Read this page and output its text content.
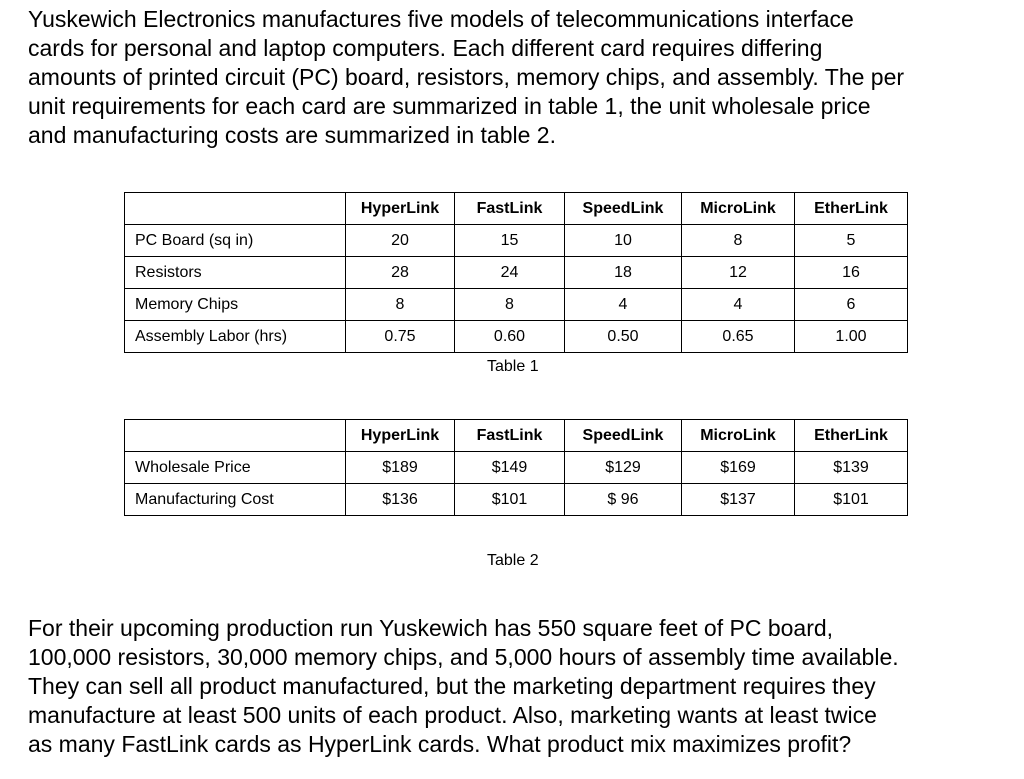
Yuskewich Electronics manufactures five models of telecommunications interface
cards for personal and laptop computers. Each different card requires differing
amounts of printed circuit (PC) board, resistors, memory chips, and assembly. The per
unit requirements for each card are summarized in table 1, the unit wholesale price
and manufacturing costs are summarized in table 2.
	HyperLink	FastLink	SpeedLink	MicroLink	EtherLink
PC Board (sq in)	20	15	10	8	5
Resistors	28	24	18	12	16
Memory Chips	8	8	4	4	6
Assembly Labor (hrs)	0.75	0.60	0.50	0.65	1.00
Table 1
	HyperLink	FastLink	SpeedLink	MicroLink	EtherLink
Wholesale Price	$189	$149	$129	$169	$139
Manufacturing Cost	$136	$101	$ 96	$137	$101
Table 2
For their upcoming production run Yuskewich has 550 square feet of PC board,
100,000 resistors, 30,000 memory chips, and 5,000 hours of assembly time available.
They can sell all product manufactured, but the marketing department requires they
manufacture at least 500 units of each product. Also, marketing wants at least twice
as many FastLink cards as HyperLink cards. What product mix maximizes profit?
